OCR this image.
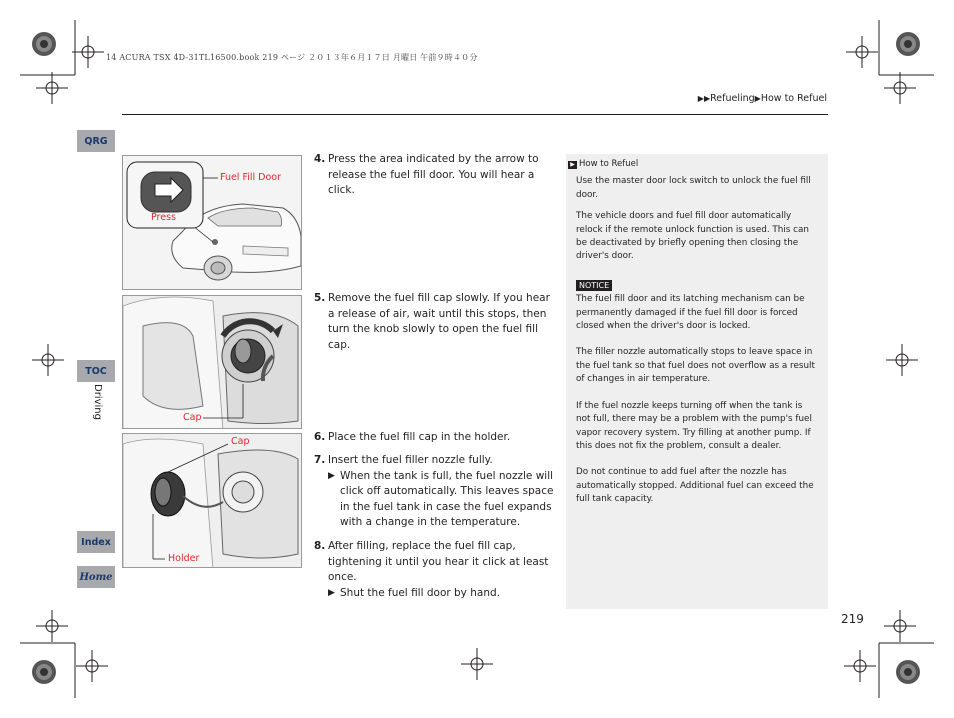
14 ACURA TSX 4D-31TL16500.book 219 ページ ２０１３年６月１７日 月曜日 午前９時４０分
▶▶Refueling▶How to Refuel
QRG
TOC
Driving
Index
Home
Fuel Fill Door
Press
Cap
Cap
Holder
4. Press the area indicated by the arrow to release the fuel fill door. You will hear a click.
5. Remove the fuel fill cap slowly. If you hear a release of air, wait until this stops, then turn the knob slowly to open the fuel fill cap.
6. Place the fuel fill cap in the holder.
7. Insert the fuel filler nozzle fully.
▶ When the tank is full, the fuel nozzle will click off automatically. This leaves space in the fuel tank in case the fuel expands with a change in the temperature.
8. After filling, replace the fuel fill cap, tightening it until you hear it click at least once.
▶ Shut the fuel fill door by hand.
▶ How to Refuel

Use the master door lock switch to unlock the fuel fill door.

The vehicle doors and fuel fill door automatically relock if the remote unlock function is used. This can be deactivated by briefly opening then closing the driver's door.

NOTICE

The fuel fill door and its latching mechanism can be permanently damaged if the fuel fill door is forced closed when the driver's door is locked.

The filler nozzle automatically stops to leave space in the fuel tank so that fuel does not overflow as a result of changes in air temperature.

If the fuel nozzle keeps turning off when the tank is not full, there may be a problem with the pump's fuel vapor recovery system. Try filling at another pump. If this does not fix the problem, consult a dealer.

Do not continue to add fuel after the nozzle has automatically stopped. Additional fuel can exceed the full tank capacity.

219
